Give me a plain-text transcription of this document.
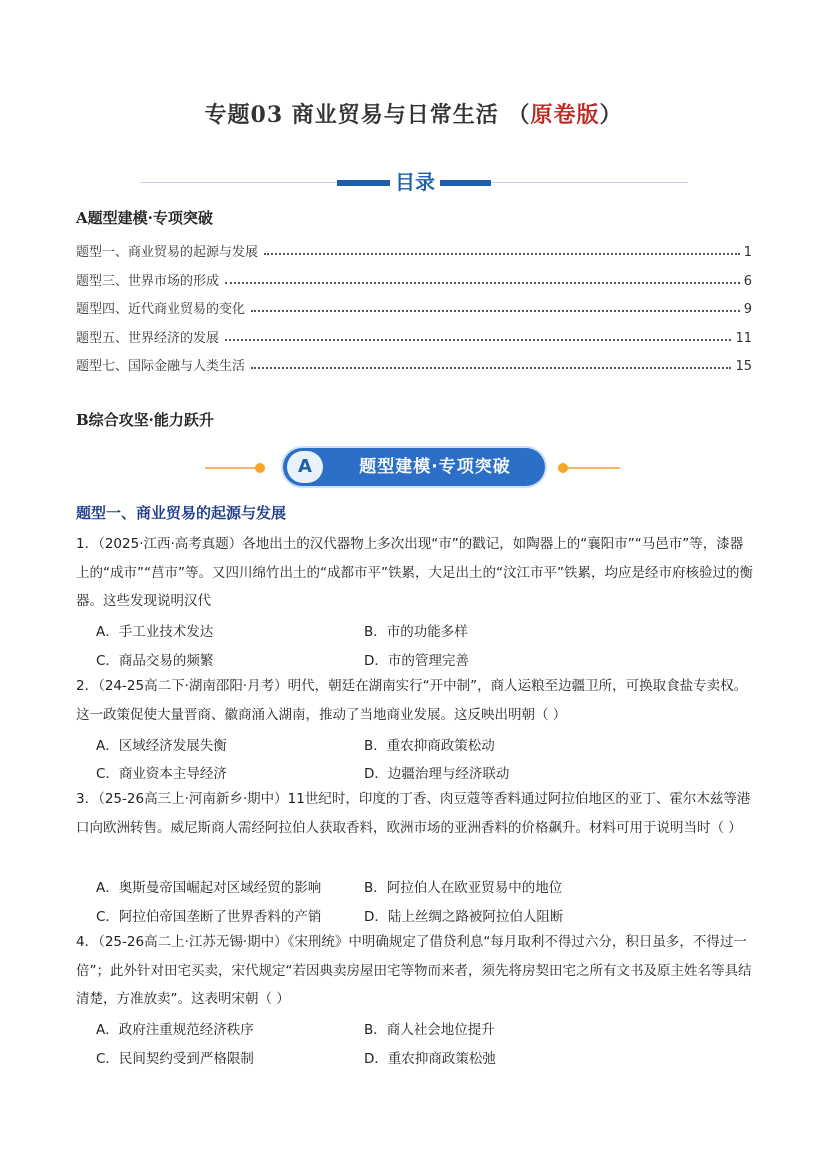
专题03 商业贸易与日常生活 （原卷版）
目录
A题型建模·专项突破
题型一、商业贸易的起源与发展	1
题型三、世界市场的形成	6
题型四、近代商业贸易的变化	9
题型五、世界经济的发展	11
题型七、国际金融与人类生活	15
B综合攻坚·能力跃升
A	题型建模·专项突破
题型一、商业贸易的起源与发展
1．（2025·江西·高考真题）各地出土的汉代器物上多次出现“市”的戳记，如陶器上的“襄阳市”“马邑市”等，漆器上的“成市”“莒市”等。又四川绵竹出土的“成都市平”铁累，大足出土的“汶江市平”铁累，均应是经市府核验过的衡器。这些发现说明汉代
A．手工业技术发达	B．市的功能多样
C．商品交易的频繁	D．市的管理完善
2．（24-25高二下·湖南邵阳·月考）明代，朝廷在湖南实行“开中制”，商人运粮至边疆卫所，可换取食盐专卖权。这一政策促使大量晋商、徽商涌入湖南，推动了当地商业发展。这反映出明朝（ ）
A．区域经济发展失衡	B．重农抑商政策松动
C．商业资本主导经济	D．边疆治理与经济联动
3．（25-26高三上·河南新乡·期中）11世纪时，印度的丁香、肉豆蔻等香料通过阿拉伯地区的亚丁、霍尔木兹等港口向欧洲转售。威尼斯商人需经阿拉伯人获取香料，欧洲市场的亚洲香料的价格飙升。材料可用于说明当时（ ）
A．奥斯曼帝国崛起对区域经贸的影响	B．阿拉伯人在欧亚贸易中的地位
C．阿拉伯帝国垄断了世界香料的产销	D．陆上丝绸之路被阿拉伯人阻断
4．（25-26高二上·江苏无锡·期中）《宋刑统》中明确规定了借贷利息“每月取利不得过六分，积日虽多，不得过一倍”；此外针对田宅买卖，宋代规定“若因典卖房屋田宅等物而来者，须先将房契田宅之所有文书及原主姓名等具结清楚，方准放卖”。这表明宋朝（ ）
A．政府注重规范经济秩序	B．商人社会地位提升
C．民间契约受到严格限制	D．重农抑商政策松弛
